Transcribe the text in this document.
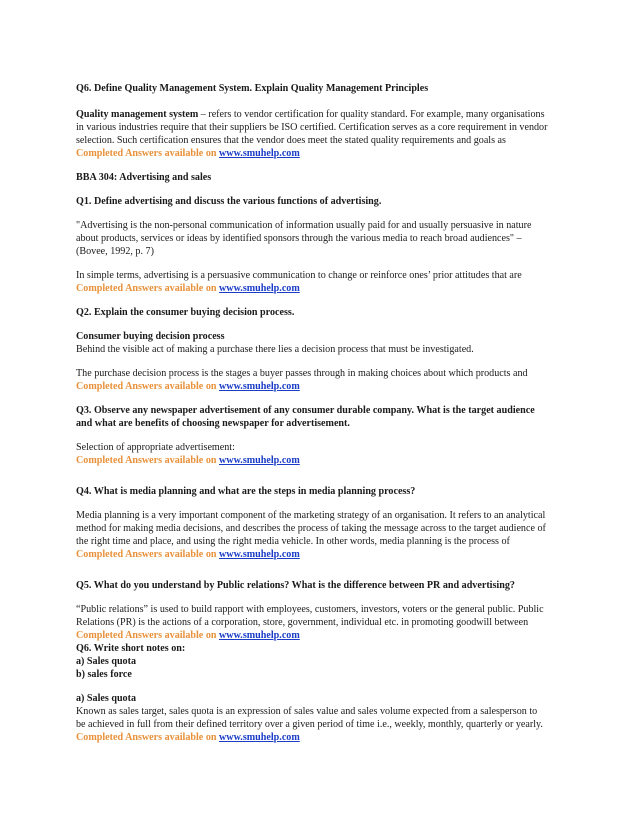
Q6. Define Quality Management System. Explain Quality Management Principles
Quality management system – refers to vendor certification for quality standard. For example, many organisations
in various industries require that their suppliers be ISO certified. Certification serves as a core requirement in vendor
selection. Such certification ensures that the vendor does meet the stated quality requirements and goals as
Completed Answers available on www.smuhelp.com
BBA 304: Advertising and sales
Q1. Define advertising and discuss the various functions of advertising.
"Advertising is the non-personal communication of information usually paid for and usually persuasive in nature
about products, services or ideas by identified sponsors through the various media to reach broad audiences" –
(Bovee, 1992, p. 7)
In simple terms, advertising is a persuasive communication to change or reinforce ones’ prior attitudes that are
Completed Answers available on www.smuhelp.com
Q2. Explain the consumer buying decision process.
Consumer buying decision process
Behind the visible act of making a purchase there lies a decision process that must be investigated.
The purchase decision process is the stages a buyer passes through in making choices about which products and
Completed Answers available on www.smuhelp.com
Q3. Observe any newspaper advertisement of any consumer durable company. What is the target audience
and what are benefits of choosing newspaper for advertisement.
Selection of appropriate advertisement:
Completed Answers available on www.smuhelp.com
Q4. What is media planning and what are the steps in media planning process?
Media planning is a very important component of the marketing strategy of an organisation. It refers to an analytical
method for making media decisions, and describes the process of taking the message across to the target audience of
the right time and place, and using the right media vehicle. In other words, media planning is the process of
Completed Answers available on www.smuhelp.com
Q5. What do you understand by Public relations? What is the difference between PR and advertising?
“Public relations” is used to build rapport with employees, customers, investors, voters or the general public. Public
Relations (PR) is the actions of a corporation, store, government, individual etc. in promoting goodwill between
Completed Answers available on www.smuhelp.com
Q6. Write short notes on:
a) Sales quota
b) sales force
a) Sales quota
Known as sales target, sales quota is an expression of sales value and sales volume expected from a salesperson to
be achieved in full from their defined territory over a given period of time i.e., weekly, monthly, quarterly or yearly.
Completed Answers available on www.smuhelp.com
